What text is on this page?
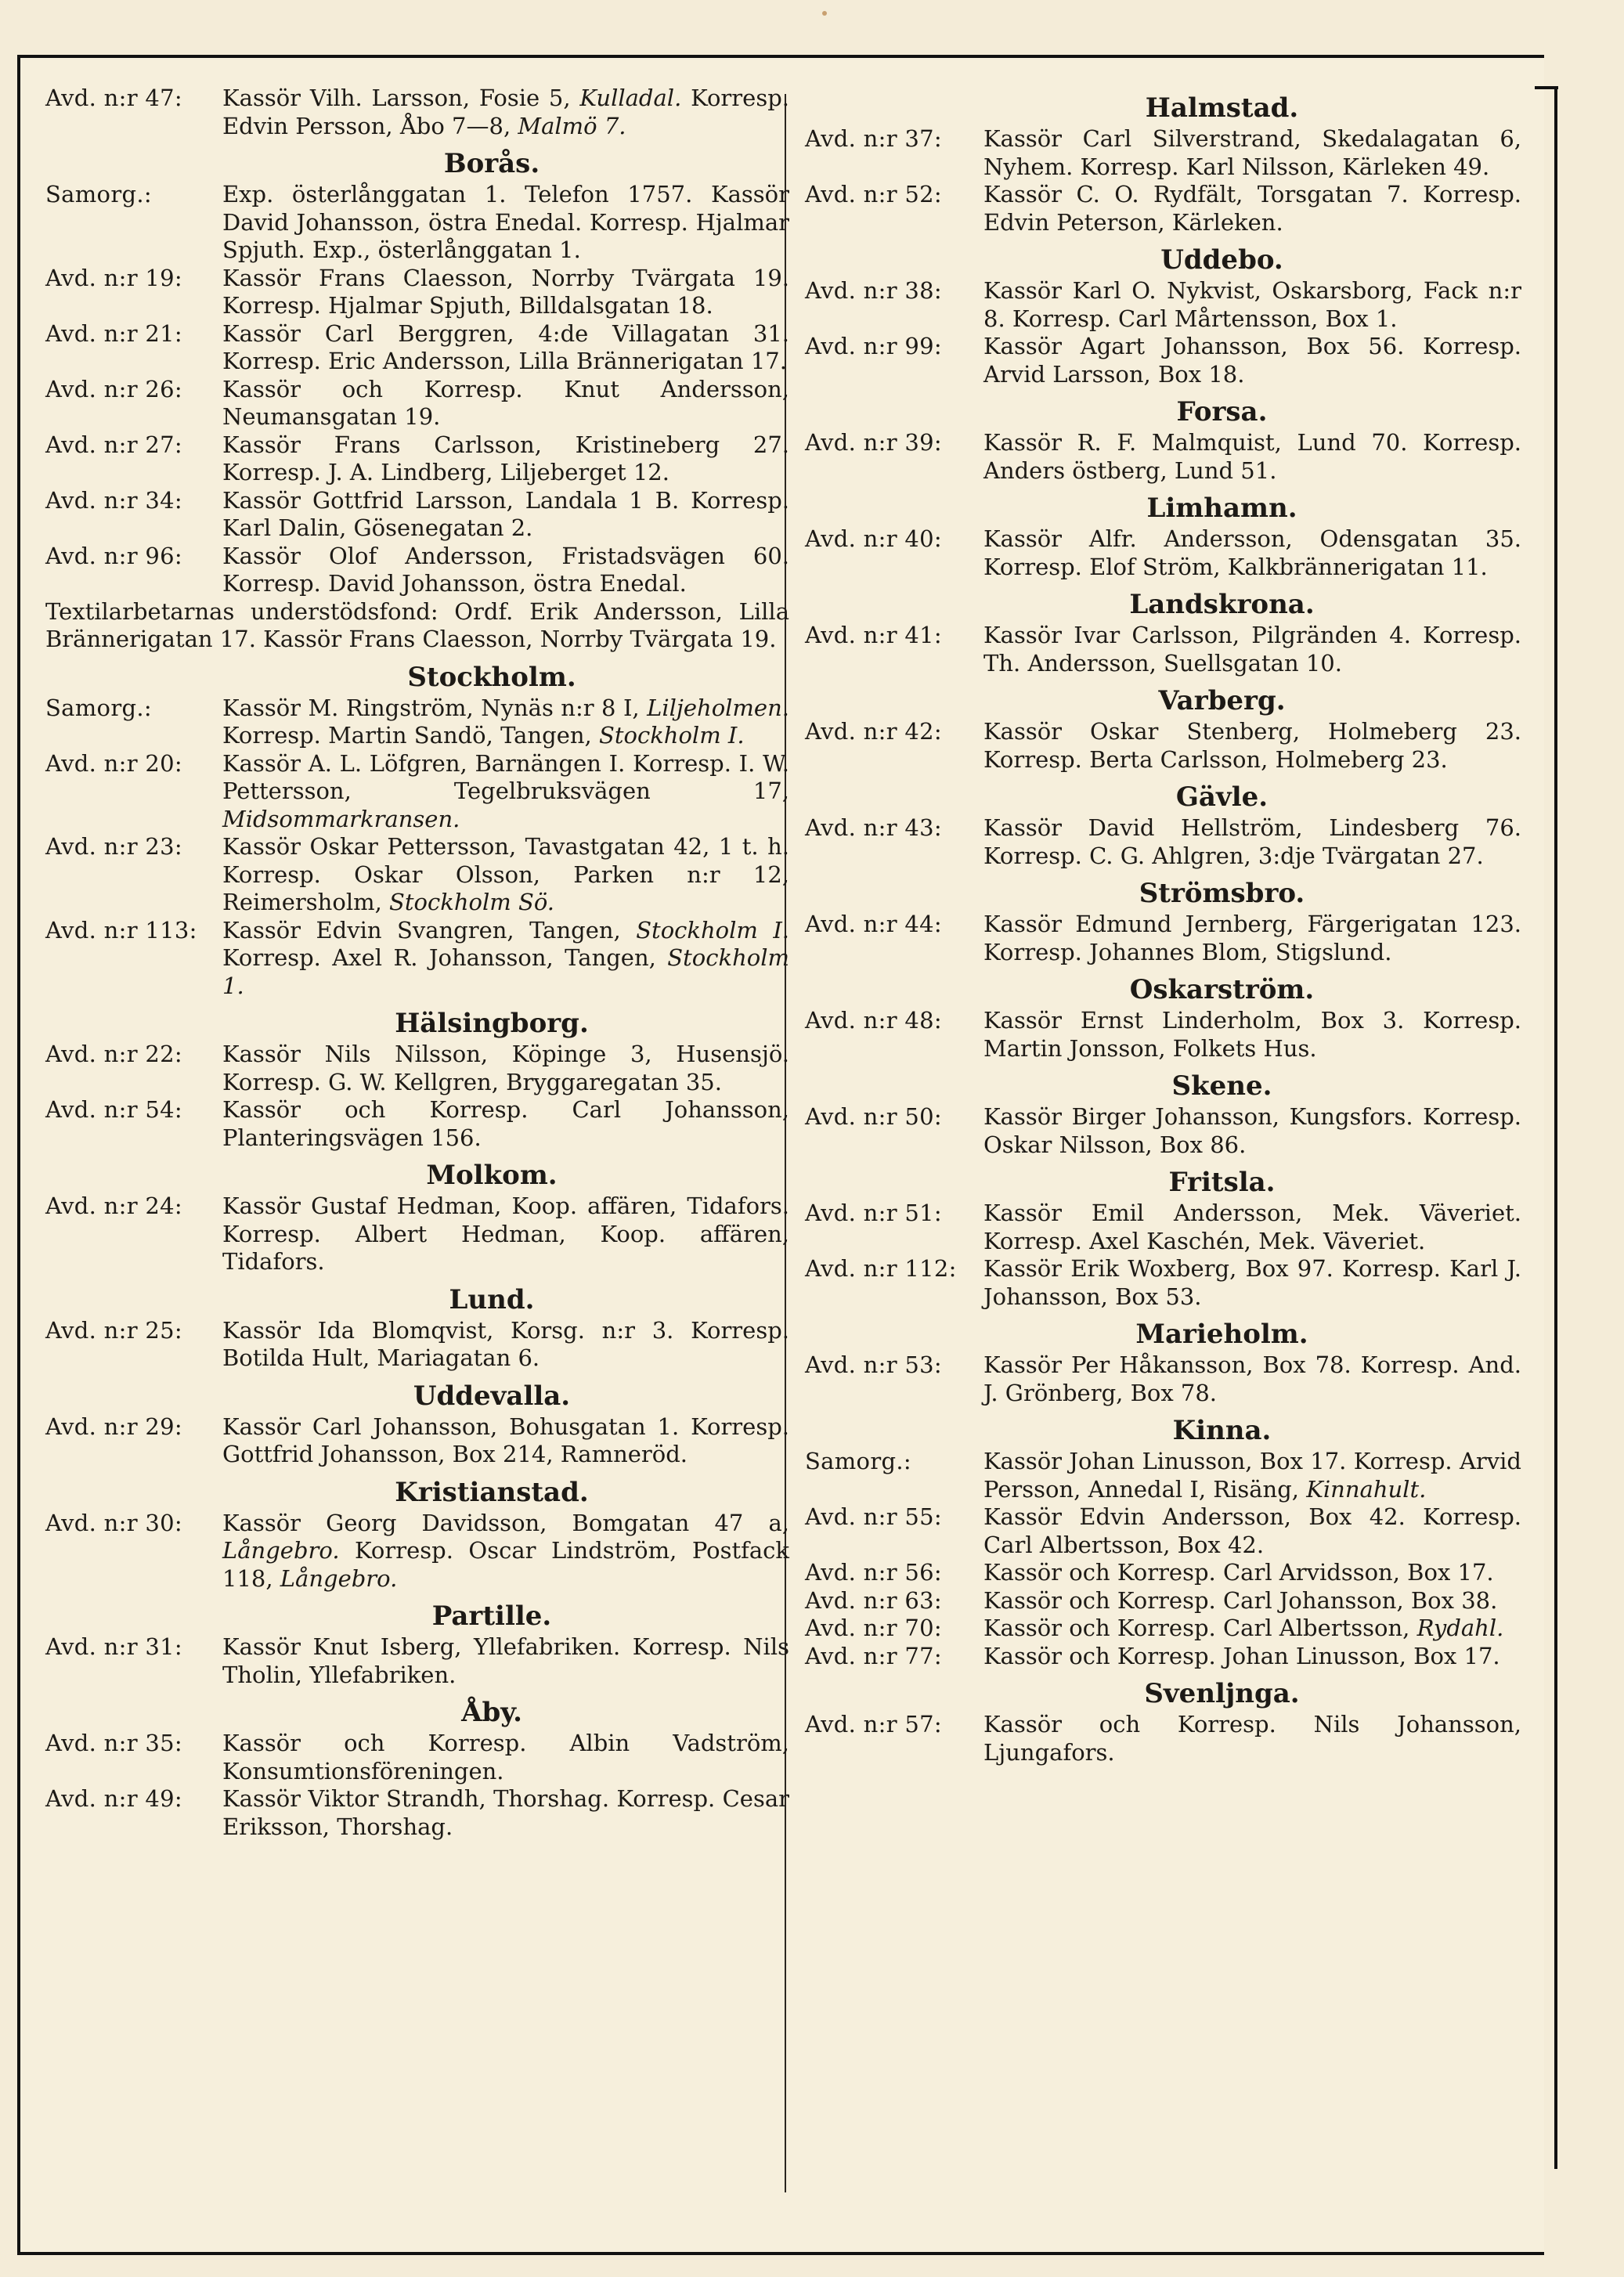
Avd. n:r 47:	Kassör Vilh. Larsson, Fosie 5, Kulladal. Korresp. Edvin Persson, Åbo 7—8, Malmö 7.
Borås.
Samorg.:	Exp. österlånggatan 1. Telefon 1757. Kassör David Johansson, östra Enedal. Korresp. Hjalmar Spjuth. Exp., österlånggatan 1.
Avd. n:r 19:	Kassör Frans Claesson, Norrby Tvärgata 19. Korresp. Hjalmar Spjuth, Billdalsgatan 18.
Avd. n:r 21:	Kassör Carl Berggren, 4:de Villagatan 31. Korresp. Eric Andersson, Lilla Brännerigatan 17.
Avd. n:r 26:	Kassör och Korresp. Knut Andersson, Neumansgatan 19.
Avd. n:r 27:	Kassör Frans Carlsson, Kristineberg 27. Korresp. J. A. Lindberg, Liljeberget 12.
Avd. n:r 34:	Kassör Gottfrid Larsson, Landala 1 B. Korresp. Karl Dalin, Gösenegatan 2.
Avd. n:r 96:	Kassör Olof Andersson, Fristadsvägen 60. Korresp. David Johansson, östra Enedal.

Textilarbetarnas understödsfond: Ordf. Erik Andersson, Lilla Brännerigatan 17. Kassör Frans Claesson, Norrby Tvärgata 19.

Stockholm.
Samorg.:	Kassör M. Ringström, Nynäs n:r 8 I, Liljeholmen. Korresp. Martin Sandö, Tangen, Stockholm I.
Avd. n:r 20:	Kassör A. L. Löfgren, Barnängen I. Korresp. I. W. Pettersson, Tegelbruksvägen 17, Midsommarkransen.
Avd. n:r 23:	Kassör Oskar Pettersson, Tavastgatan 42, 1 t. h. Korresp. Oskar Olsson, Parken n:r 12, Reimersholm, Stockholm Sö.
Avd. n:r 113:	Kassör Edvin Svangren, Tangen, Stockholm I. Korresp. Axel R. Johansson, Tangen, Stockholm 1.
Hälsingborg.
Avd. n:r 22:	Kassör Nils Nilsson, Köpinge 3, Husensjö. Korresp. G. W. Kellgren, Bryggaregatan 35.
Avd. n:r 54:	Kassör och Korresp. Carl Johansson, Planteringsvägen 156.
Molkom.
Avd. n:r 24:	Kassör Gustaf Hedman, Koop. affären, Tidafors. Korresp. Albert Hedman, Koop. affären, Tidafors.
Lund.
Avd. n:r 25:	Kassör Ida Blomqvist, Korsg. n:r 3. Korresp. Botilda Hult, Mariagatan 6.
Uddevalla.
Avd. n:r 29:	Kassör Carl Johansson, Bohusgatan 1. Korresp. Gottfrid Johansson, Box 214, Ramneröd.
Kristianstad.
Avd. n:r 30:	Kassör Georg Davidsson, Bomgatan 47 a, Långebro. Korresp. Oscar Lindström, Postfack 118, Långebro.
Partille.
Avd. n:r 31:	Kassör Knut Isberg, Yllefabriken. Korresp. Nils Tholin, Yllefabriken.
Åby.
Avd. n:r 35:	Kassör och Korresp. Albin Vadström, Konsumtionsföreningen.
Avd. n:r 49:	Kassör Viktor Strandh, Thorshag. Korresp. Cesar Eriksson, Thorshag.
Halmstad.
Avd. n:r 37:	Kassör Carl Silverstrand, Skedalagatan 6, Nyhem. Korresp. Karl Nilsson, Kärleken 49.
Avd. n:r 52:	Kassör C. O. Rydfält, Torsgatan 7. Korresp. Edvin Peterson, Kärleken.
Uddebo.
Avd. n:r 38:	Kassör Karl O. Nykvist, Oskarsborg, Fack n:r 8. Korresp. Carl Mårtensson, Box 1.
Avd. n:r 99:	Kassör Agart Johansson, Box 56. Korresp. Arvid Larsson, Box 18.
Forsa.
Avd. n:r 39:	Kassör R. F. Malmquist, Lund 70. Korresp. Anders östberg, Lund 51.
Limhamn.
Avd. n:r 40:	Kassör Alfr. Andersson, Odensgatan 35. Korresp. Elof Ström, Kalkbrännerigatan 11.
Landskrona.
Avd. n:r 41:	Kassör Ivar Carlsson, Pilgränden 4. Korresp. Th. Andersson, Suellsgatan 10.
Varberg.
Avd. n:r 42:	Kassör Oskar Stenberg, Holmeberg 23. Korresp. Berta Carlsson, Holmeberg 23.
Gävle.
Avd. n:r 43:	Kassör David Hellström, Lindesberg 76. Korresp. C. G. Ahlgren, 3:dje Tvärgatan 27.
Strömsbro.
Avd. n:r 44:	Kassör Edmund Jernberg, Färgerigatan 123. Korresp. Johannes Blom, Stigslund.
Oskarström.
Avd. n:r 48:	Kassör Ernst Linderholm, Box 3. Korresp. Martin Jonsson, Folkets Hus.
Skene.
Avd. n:r 50:	Kassör Birger Johansson, Kungsfors. Korresp. Oskar Nilsson, Box 86.
Fritsla.
Avd. n:r 51:	Kassör Emil Andersson, Mek. Väveriet. Korresp. Axel Kaschén, Mek. Väveriet.
Avd. n:r 112:	Kassör Erik Woxberg, Box 97. Korresp. Karl J. Johansson, Box 53.
Marieholm.
Avd. n:r 53:	Kassör Per Håkansson, Box 78. Korresp. And. J. Grönberg, Box 78.
Kinna.
Samorg.:	Kassör Johan Linusson, Box 17. Korresp. Arvid Persson, Annedal I, Risäng, Kinnahult.
Avd. n:r 55:	Kassör Edvin Andersson, Box 42. Korresp. Carl Albertsson, Box 42.
Avd. n:r 56:	Kassör och Korresp. Carl Arvidsson, Box 17.
Avd. n:r 63:	Kassör och Korresp. Carl Johansson, Box 38.
Avd. n:r 70:	Kassör och Korresp. Carl Albertsson, Rydahl.
Avd. n:r 77:	Kassör och Korresp. Johan Linusson, Box 17.
Svenljnga.
Avd. n:r 57:	Kassör och Korresp. Nils Johansson, Ljungafors.
